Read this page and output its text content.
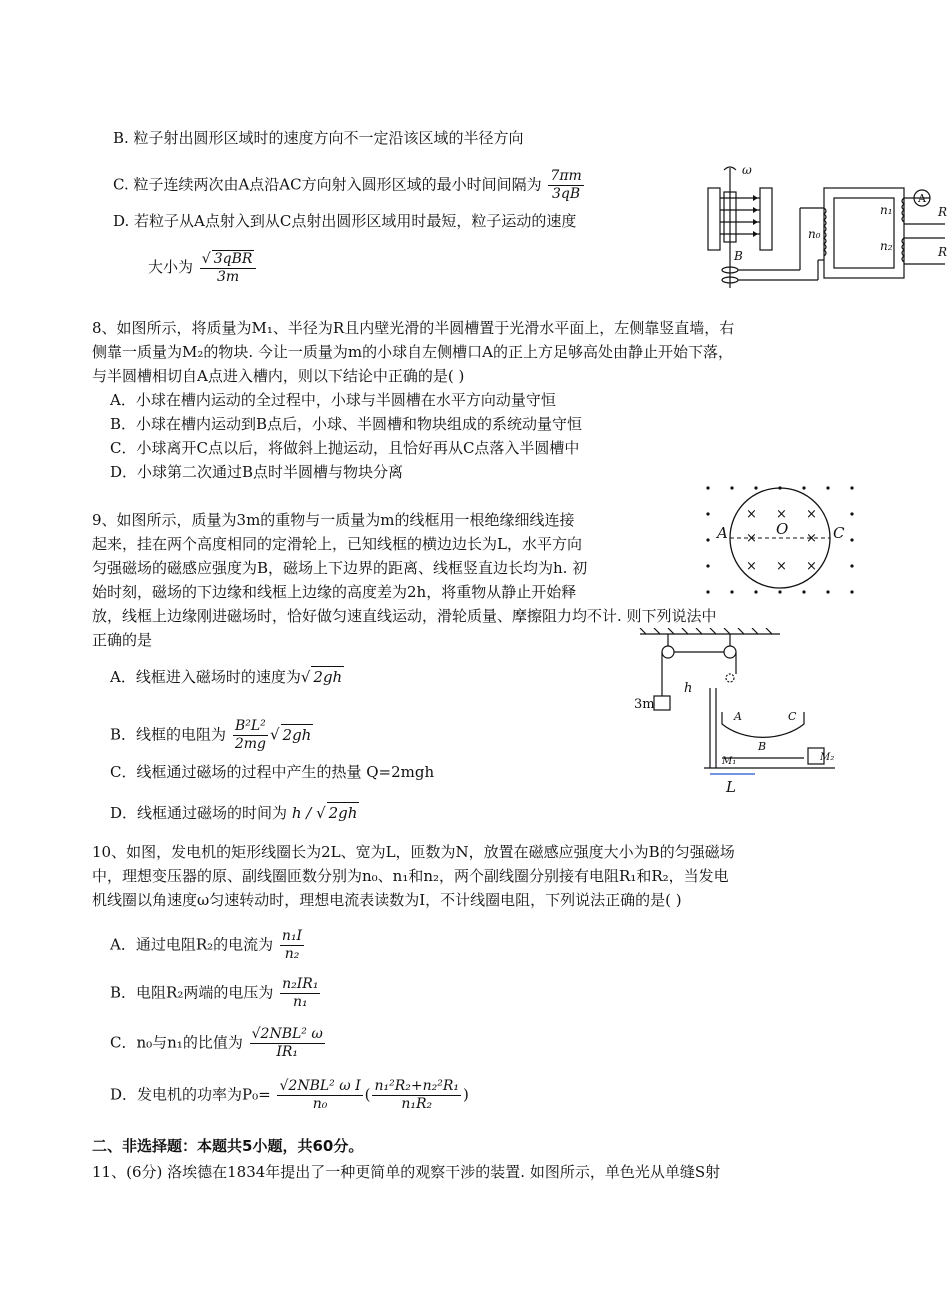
B. 粒子射出圆形区域时的速度方向不一定沿该区域的半径方向
C. 粒子连续两次由A点沿AC方向射入圆形区域的最小时间间隔为 $\frac{7\pi m}{3qB}$
D. 若粒子从A点射入到从C点射出圆形区域用时最短，粒子运动的速度
大小为 $\frac{\text{√ 3qBR}}{3m}$
ω
B
n₀
n₁
n₂
A
R
R
8、如图所示，将质量为M₁、半径为R且内壁光滑的半圆槽置于光滑水平面上，左侧靠竖直墙，右
侧靠一质量为M₂的物块. 今让一质量为m的小球自左侧槽口A的正上方足够高处由静止开始下落，
与半圆槽相切自A点进入槽内，则以下结论中正确的是( )
A．小球在槽内运动的全过程中，小球与半圆槽在水平方向动量守恒
B．小球在槽内运动到B点后，小球、半圆槽和物块组成的系统动量守恒
C．小球离开C点以后，将做斜上抛运动，且恰好再从C点落入半圆槽中
D．小球第二次通过B点时半圆槽与物块分离
× × ×
×	×
× × ×
A	O	C
9、如图所示，质量为3m的重物与一质量为m的线框用一根绝缘细线连接
起来，挂在两个高度相同的定滑轮上，已知线框的横边边长为L，水平方向
匀强磁场的磁感应强度为B，磁场上下边界的距离、线框竖直边长均为h. 初
始时刻，磁场的下边缘和线框上边缘的高度差为2h，将重物从静止开始释
放，线框上边缘刚进磁场时，恰好做匀速直线运动，滑轮质量、摩擦阻力均不计. 则下列说法中
正确的是
A．线框进入磁场时的速度为√ 2gh
B．线框的电阻为 $\frac{\text{B²L²}}{2mg}$ √ 2gh
C．线框通过磁场的过程中产生的热量 Q=2mgh
D．线框通过磁场的时间为 h / √ 2gh
3m
h
A
B
C
M₁	M₂
L
10、如图，发电机的矩形线圈长为2L、宽为L，匝数为N，放置在磁感应强度大小为B的匀强磁场
中，理想变压器的原、副线圈匝数分别为n₀、n₁和n₂，两个副线圈分别接有电阻R₁和R₂，当发电
机线圈以角速度ω匀速转动时，理想电流表读数为I，不计线圈电阻，下列说法正确的是( )
A．通过电阻R₂的电流为 $\frac{\text{n₁I}}{\text{n₂}}$
B．电阻R₂两端的电压为 $\frac{\text{n₂IR₁}}{\text{n₁}}$
C．n₀与n₁的比值为 $\frac{\text{√2NBL² ω}}{\text{IR₁}}$
D．发电机的功率为$P_0= \frac{\text{√2NBL² ω I}}{\text{n₀}}$ ( $\frac{\text{n₁²R₂+n₂²R₁}}{\text{n₁R₂}}$ )
二、非选择题：本题共5小题，共60分。
11、(6分) 洛埃德在1834年提出了一种更简单的观察干涉的装置. 如图所示，单色光从单缝S射
